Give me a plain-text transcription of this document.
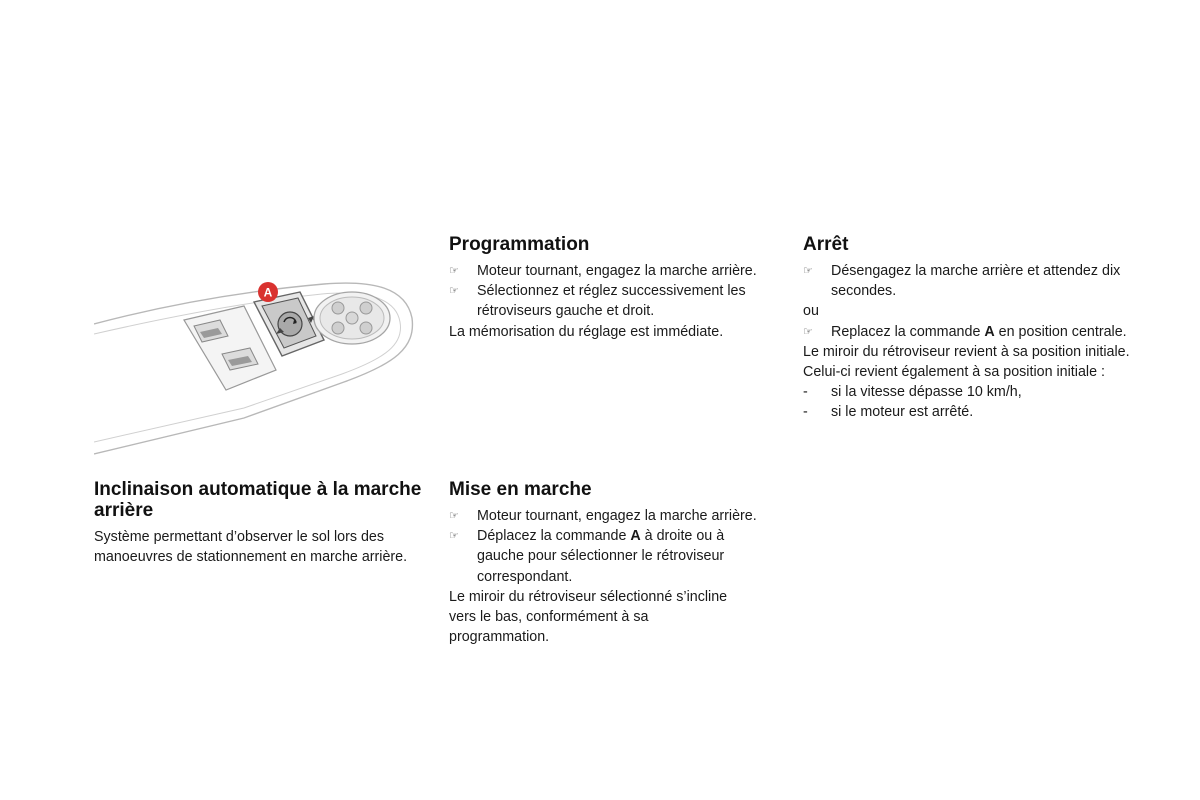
A
Inclinaison automatique à la marche arrière

Système permettant d’observer le sol lors des manoeuvres de stationnement en marche arrière.

Programmation
☞ Moteur tournant, engagez la marche arrière.
☞ Sélectionnez et réglez successivement les rétroviseurs gauche et droit.

La mémorisation du réglage est immédiate.

Mise en marche
☞ Moteur tournant, engagez la marche arrière.
☞ Déplacez la commande A à droite ou à gauche pour sélectionner le rétroviseur correspondant.

Le miroir du rétroviseur sélectionné s’incline vers le bas, conformément à sa programmation.

Arrêt
☞ Désengagez la marche arrière et attendez dix secondes.

ou

☞ Replacez la commande A en position centrale.

Le miroir du rétroviseur revient à sa position initiale.

Celui-ci revient également à sa position initiale :

- si la vitesse dépasse 10 km/h,
- si le moteur est arrêté.
